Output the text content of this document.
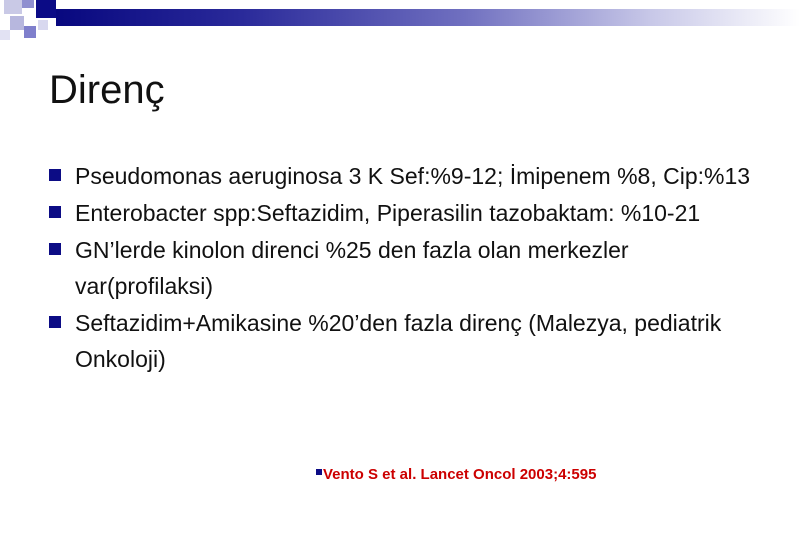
Direnç
Pseudomonas aeruginosa 3 K Sef:%9-12; İmipenem %8, Cip:%13
Enterobacter spp:Seftazidim, Piperasilin tazobaktam: %10-21
GN’lerde kinolon direnci %25 den fazla olan merkezler var(profilaksi)
Seftazidim+Amikasine %20’den fazla direnç (Malezya, pediatrik Onkoloji)
Vento S et al. Lancet Oncol 2003;4:595
